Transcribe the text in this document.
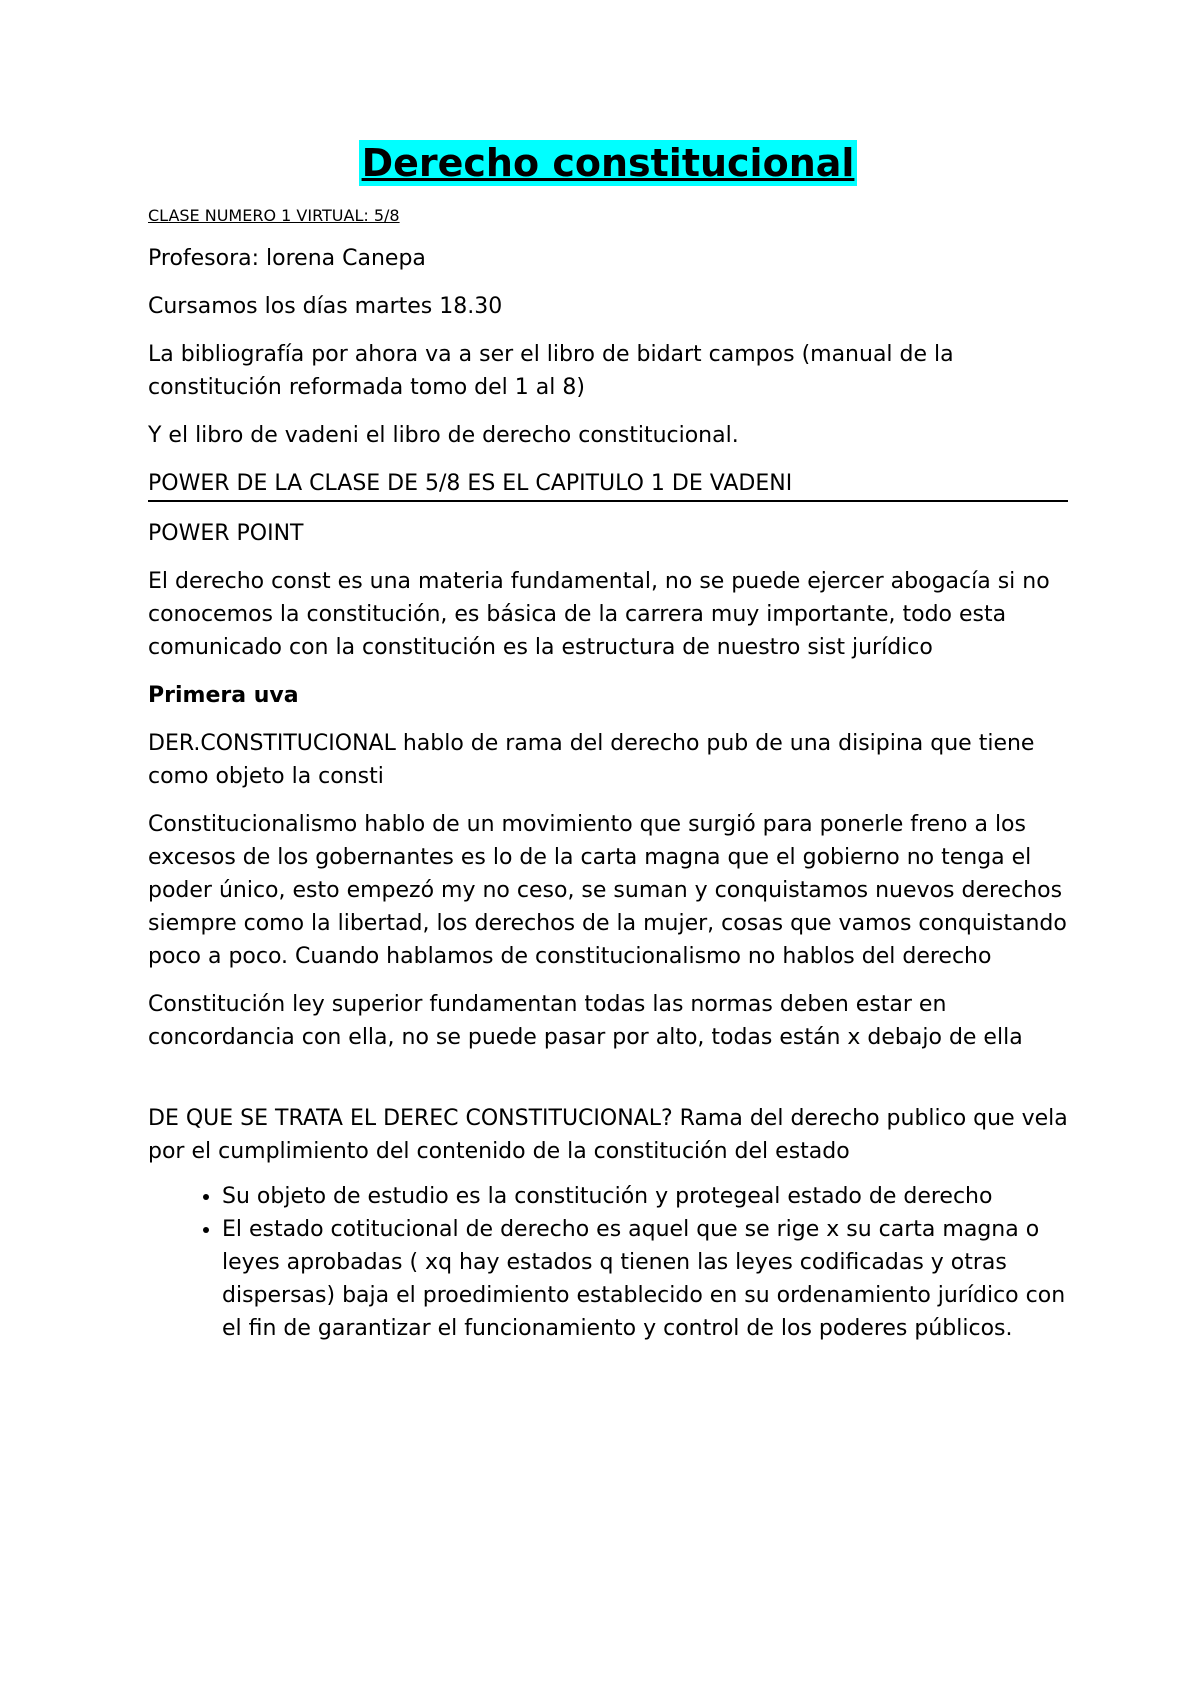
Derecho constitucional
CLASE NUMERO 1 VIRTUAL: 5/8

Profesora: lorena Canepa

Cursamos los días martes 18.30

La bibliografía por ahora va a ser el libro de bidart campos (manual de la constitución reformada tomo del 1 al 8)

Y el libro de vadeni el libro de derecho constitucional.

POWER DE LA CLASE DE 5/8 ES EL CAPITULO 1 DE VADENI

POWER POINT

El derecho const es una materia fundamental, no se puede ejercer abogacía si no conocemos la constitución, es básica de la carrera muy importante, todo esta comunicado con la constitución es la estructura de nuestro sist jurídico

Primera uva

DER.CONSTITUCIONAL hablo de rama del derecho pub de una disipina que tiene como objeto la consti

Constitucionalismo hablo de un movimiento que surgió para ponerle freno a los excesos de los gobernantes es lo de la carta magna que el gobierno no tenga el poder único, esto empezó my no ceso, se suman y conquistamos nuevos derechos siempre como la libertad, los derechos de la mujer, cosas que vamos conquistando poco a poco. Cuando hablamos de constitucionalismo no hablos del derecho

Constitución ley superior fundamentan todas las normas deben estar en concordancia con ella, no se puede pasar por alto, todas están x debajo de ella

DE QUE SE TRATA EL DEREC CONSTITUCIONAL? Rama del derecho publico que vela por el cumplimiento del contenido de la constitución del estado

• Su objeto de estudio es la constitución y protegeal estado de derecho
• El estado cotitucional de derecho es aquel que se rige x su carta magna o leyes aprobadas ( xq hay estados q tienen las leyes codificadas y otras dispersas) baja el proedimiento establecido en su ordenamiento jurídico con el fin de garantizar el funcionamiento y control de los poderes públicos.
